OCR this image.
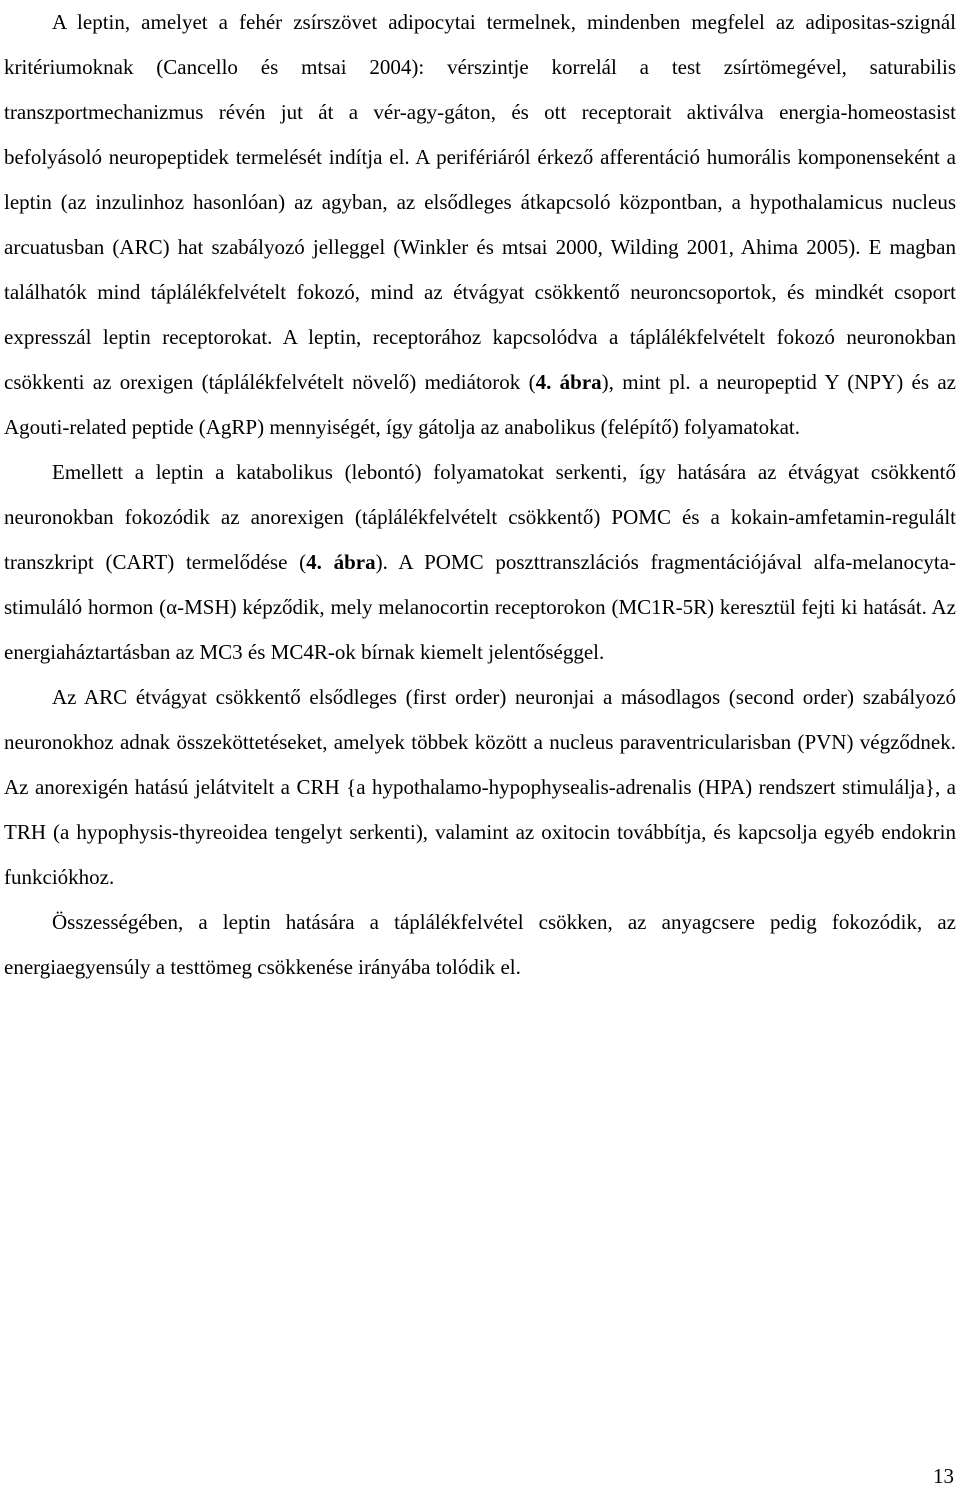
A leptin, amelyet a fehér zsírszövet adipocytai termelnek, mindenben megfelel az adipositas-szignál kritériumoknak (Cancello és mtsai 2004): vérszintje korrelál a test zsírtömegével, saturabilis transzportmechanizmus révén jut át a vér-agy-gáton, és ott receptorait aktiválva energia-homeostasist befolyásoló neuropeptidek termelését indítja el. A perifériáról érkező afferentáció humorális komponenseként a leptin (az inzulinhoz hasonlóan) az agyban, az elsődleges átkapcsoló központban, a hypothalamicus nucleus arcuatusban (ARC) hat szabályozó jelleggel (Winkler és mtsai 2000, Wilding 2001, Ahima 2005). E magban találhatók mind táplálékfelvételt fokozó, mind az étvágyat csökkentő neuroncsoportok, és mindkét csoport expresszál leptin receptorokat. A leptin, receptorához kapcsolódva a táplálékfelvételt fokozó neuronokban csökkenti az orexigen (táplálékfelvételt növelő) mediátorok (4. ábra), mint pl. a neuropeptid Y (NPY) és az Agouti-related peptide (AgRP) mennyiségét, így gátolja az anabolikus (felépítő) folyamatokat.

Emellett a leptin a katabolikus (lebontó) folyamatokat serkenti, így hatására az étvágyat csökkentő neuronokban fokozódik az anorexigen (táplálékfelvételt csökkentő) POMC és a kokain-amfetamin-regulált transzkript (CART) termelődése (4. ábra). A POMC poszttranszlációs fragmentációjával alfa-melanocyta-stimuláló hormon (α-MSH) képződik, mely melanocortin receptorokon (MC1R-5R) keresztül fejti ki hatását. Az energiaháztartásban az MC3 és MC4R-ok bírnak kiemelt jelentőséggel.

Az ARC étvágyat csökkentő elsődleges (first order) neuronjai a másodlagos (second order) szabályozó neuronokhoz adnak összeköttetéseket, amelyek többek között a nucleus paraventricularisban (PVN) végződnek. Az anorexigén hatású jelátvitelt a CRH {a hypothalamo-hypophysealis-adrenalis (HPA) rendszert stimulálja}, a TRH (a hypophysis-thyreoidea tengelyt serkenti), valamint az oxitocin továbbítja, és kapcsolja egyéb endokrin funkciókhoz.

Összességében, a leptin hatására a táplálékfelvétel csökken, az anyagcsere pedig fokozódik, az energiaegyensúly a testtömeg csökkenése irányába tolódik el.

13
